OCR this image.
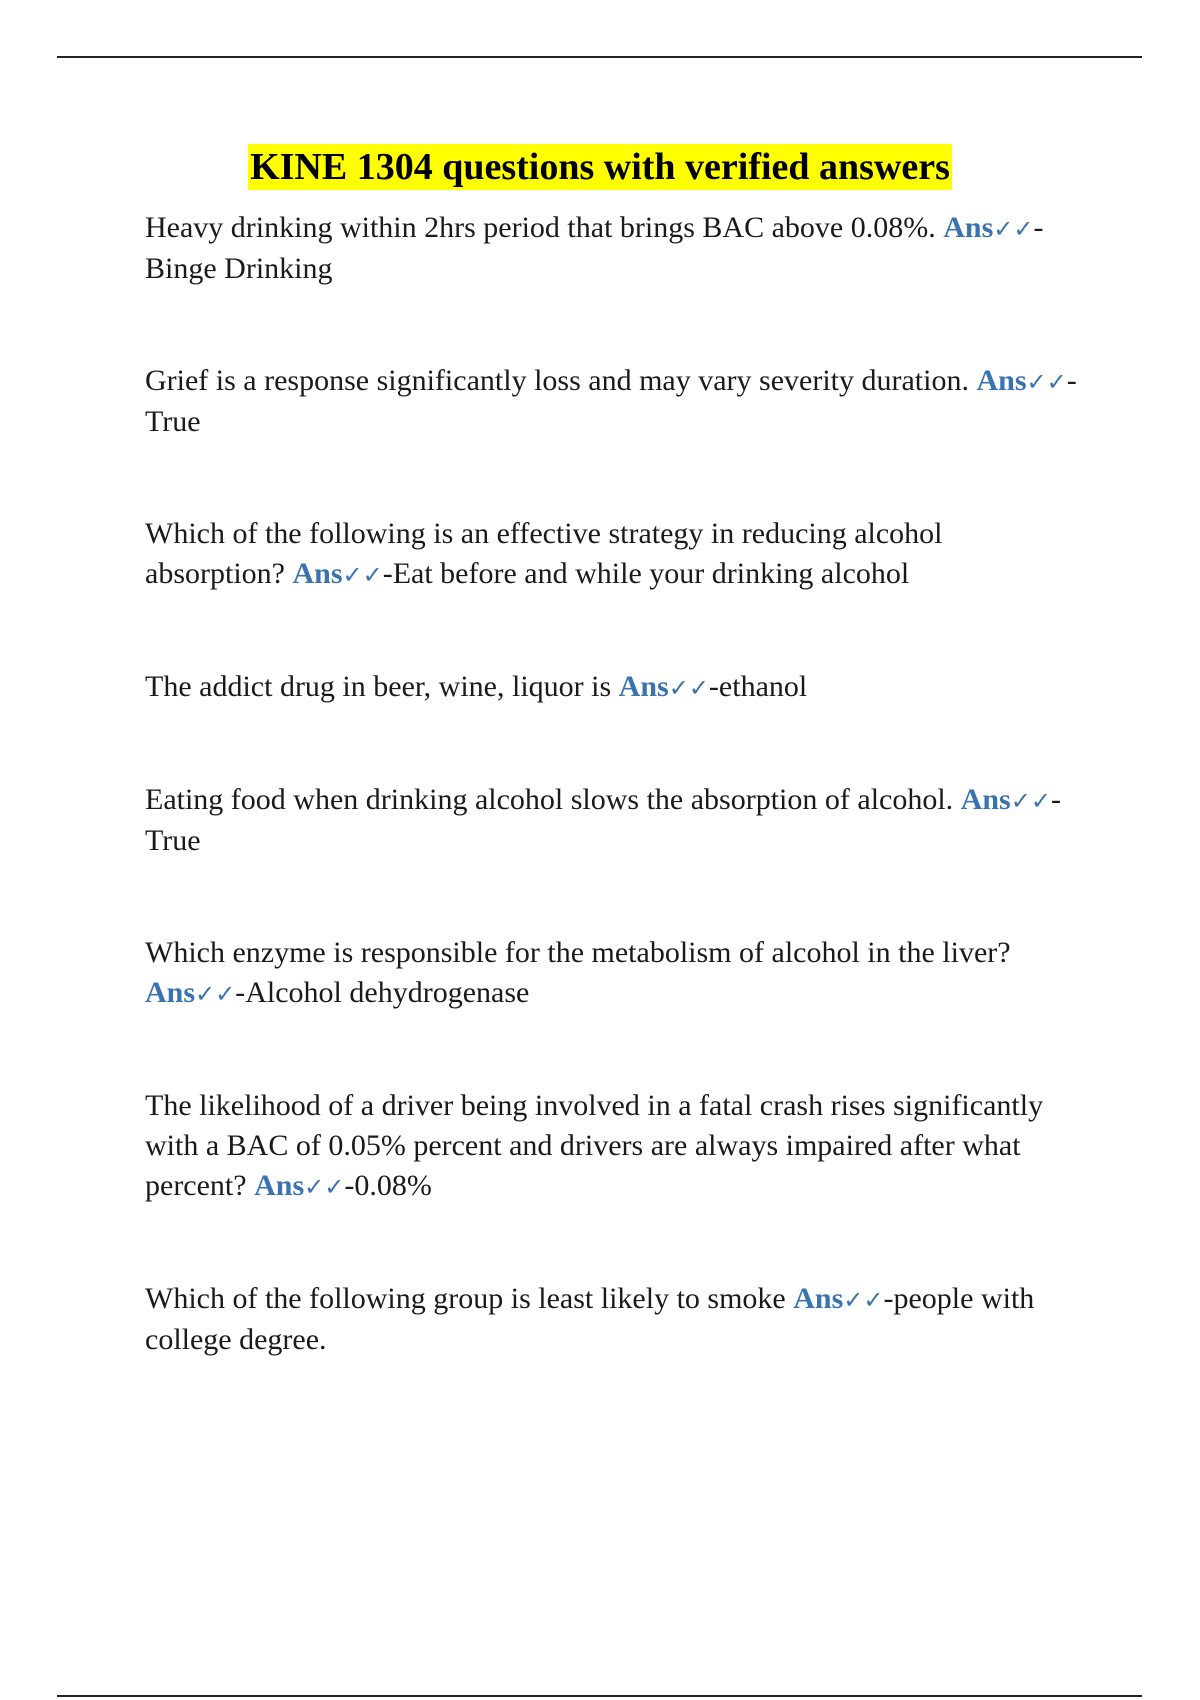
KINE 1304 questions with verified answers

Heavy drinking within 2hrs period that brings BAC above 0.08%. Ans✓✓-Binge Drinking

Grief is a response significantly loss and may vary severity duration. Ans✓✓-True

Which of the following is an effective strategy in reducing alcohol absorption? Ans✓✓-Eat before and while your drinking alcohol

The addict drug in beer, wine, liquor is Ans✓✓-ethanol

Eating food when drinking alcohol slows the absorption of alcohol. Ans✓✓-True

Which enzyme is responsible for the metabolism of alcohol in the liver? Ans✓✓-Alcohol dehydrogenase

The likelihood of a driver being involved in a fatal crash rises significantly with a BAC of 0.05% percent and drivers are always impaired after what percent? Ans✓✓-0.08%

Which of the following group is least likely to smoke Ans✓✓-people with college degree.
